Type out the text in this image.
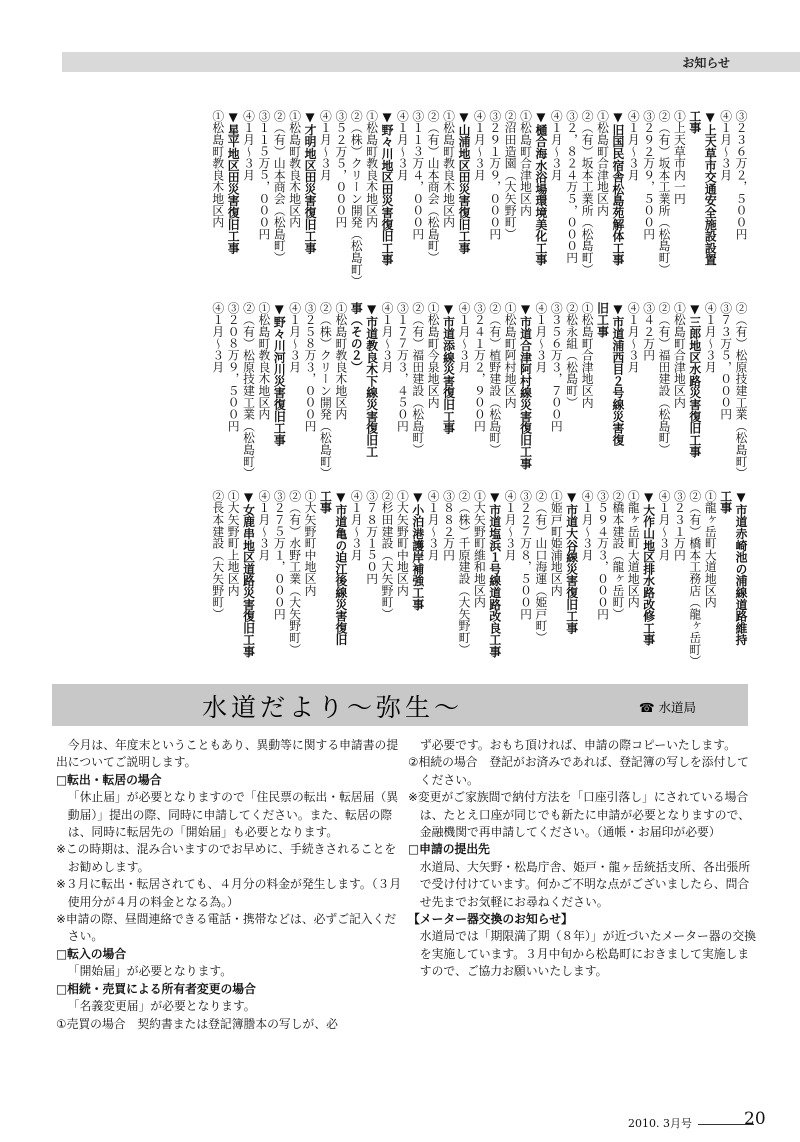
お知らせ
③２３６万２，５００円
④１月〜３月
▼上天草市交通安全施設設置
工事
①上天草市内一円
②（有）坂本工業所（松島町）
③２９２万９，５００円
④１月〜３月
▼旧国民宿舎松島苑解体工事
①松島町合津地区内
②（有）坂本工業所（松島町）
③２，８２４万５，０００円
④１月〜３月
▼樋合海水浴場環境美化工事
①松島町合津地区内
②沼田造園（大矢野町）
③２９１万９，０００円
④１月〜３月
▼山浦地区田災害復旧工事
①松島町教良木地区内
②（有）山本商会（松島町）
③１１３万４，０００円
④１月〜３月
▼野々川地区田災害復旧工事
①松島町教良木地区内
②（株）クリーン開発（松島町）
③５２万５，０００円
④１月〜３月
▼才明地区田災害復旧工事
①松島町教良木地区内
②（有）山本商会（松島町）
③１１５万５，０００円
④１月〜３月
▼星平地区田災害復旧工事
①松島町教良木地区内
②（有）松原技建工業（松島町）
③７３万５，０００円
④１月〜３月
▼三郎地区水路災害復旧工事
①松島町合津地区内
②（有）福田建設（松島町）
③４２万円
④１月〜３月
▼市道浦西目２号線災害復
旧工事
①松島町合津地区内
②松永組（松島町）
③３５６万３，７００円
④１月〜３月
▼市道合津阿村線災害復旧工事
①松島町阿村地区内
②（有）植野建設（松島町）
③２４１万２，９００円
④１月〜３月
▼市道添線災害復旧工事
①松島町今泉地区内
②（有）福田建設（松島町）
③１７７万３，４５０円
④１月〜３月
▼市道教良木下線災害復旧工
事（その２）
①松島町教良木地区内
②（株）クリーン開発（松島町）
③２５８万３，０００円
④１月〜３月
▼野々川河川災害復旧工事
①松島町教良木地区内
②（有）松原技建工業（松島町）
③２０８万９，５００円
④１月〜３月
▼市道赤崎池の浦線道路維持
工事
①龍ヶ岳町大道地区内
②（有）橋本工務店（龍ヶ岳町）
③２３１万円
④１月〜３月
▼大作山地区排水路改修工事
①龍ヶ岳町大道地区内
②橋本建設（龍ヶ岳町）
③５９４万３，０００円
④１月〜３月
▼市道大谷線災害復旧工事
①姫戸町姫浦地区内
②（有）山口海運（姫戸町）
③２２７万８，５００円
④１月〜３月
▼市道塩浜１号線道路改良工事
①大矢野町維和地区内
②（株）千原建設（大矢野町）
③８８２万円
④１月〜３月
▼小泊港護岸補強工事
①大矢野町中地区内
②杉田建設（大矢野町）
③７８万１５０円
④１月〜３月
▼市道亀の迫江後線災害復旧
工事
①大矢野町中地区内
②（有）水野工業（大矢野町）
③２７５万１，０００円
④１月〜３月
▼女鹿串地区道路災害復旧工事
①大矢野町上地区内
②長本建設（大矢野町）
水道だより〜弥生〜	☎ 水道局

今月は、年度末ということもあり、異動等に関する申請書の提出についてご説明します。

□転出・転居の場合

「休止届」が必要となりますので「住民票の転出・転居届（異動届）」提出の際、同時に申請してください。また、転居の際は、同時に転居先の「開始届」も必要となります。

※この時期は、混み合いますのでお早めに、手続きされることをお勧めします。

※３月に転出・転居されても、４月分の料金が発生します。（３月使用分が４月の料金となる為。）

※申請の際、昼間連絡できる電話・携帯などは、必ずご記入ください。

□転入の場合

「開始届」が必要となります。

□相続・売買による所有者変更の場合

「名義変更届」が必要となります。

①売買の場合　契約書または登記簿謄本の写しが、必

ず必要です。おもち頂ければ、申請の際コピーいたします。

②相続の場合　登記がお済みであれば、登記簿の写しを添付してください。

※変更がご家族間で納付方法を「口座引落し」にされている場合は、たとえ口座が同じでも新たに申請が必要となりますので、金融機関で再申請してください。（通帳・お届印が必要）

□申請の提出先

水道局、大矢野・松島庁舎、姫戸・龍ヶ岳統括支所、各出張所で受け付けています。何かご不明な点がございましたら、問合せ先までお気軽にお尋ねください。

【メーター器交換のお知らせ】

水道局では「期限満了期（８年）」が近づいたメーター器の交換を実施しています。３月中旬から松島町におきまして実施しますので、ご協力お願いいたします。

2010. 3月号	20
